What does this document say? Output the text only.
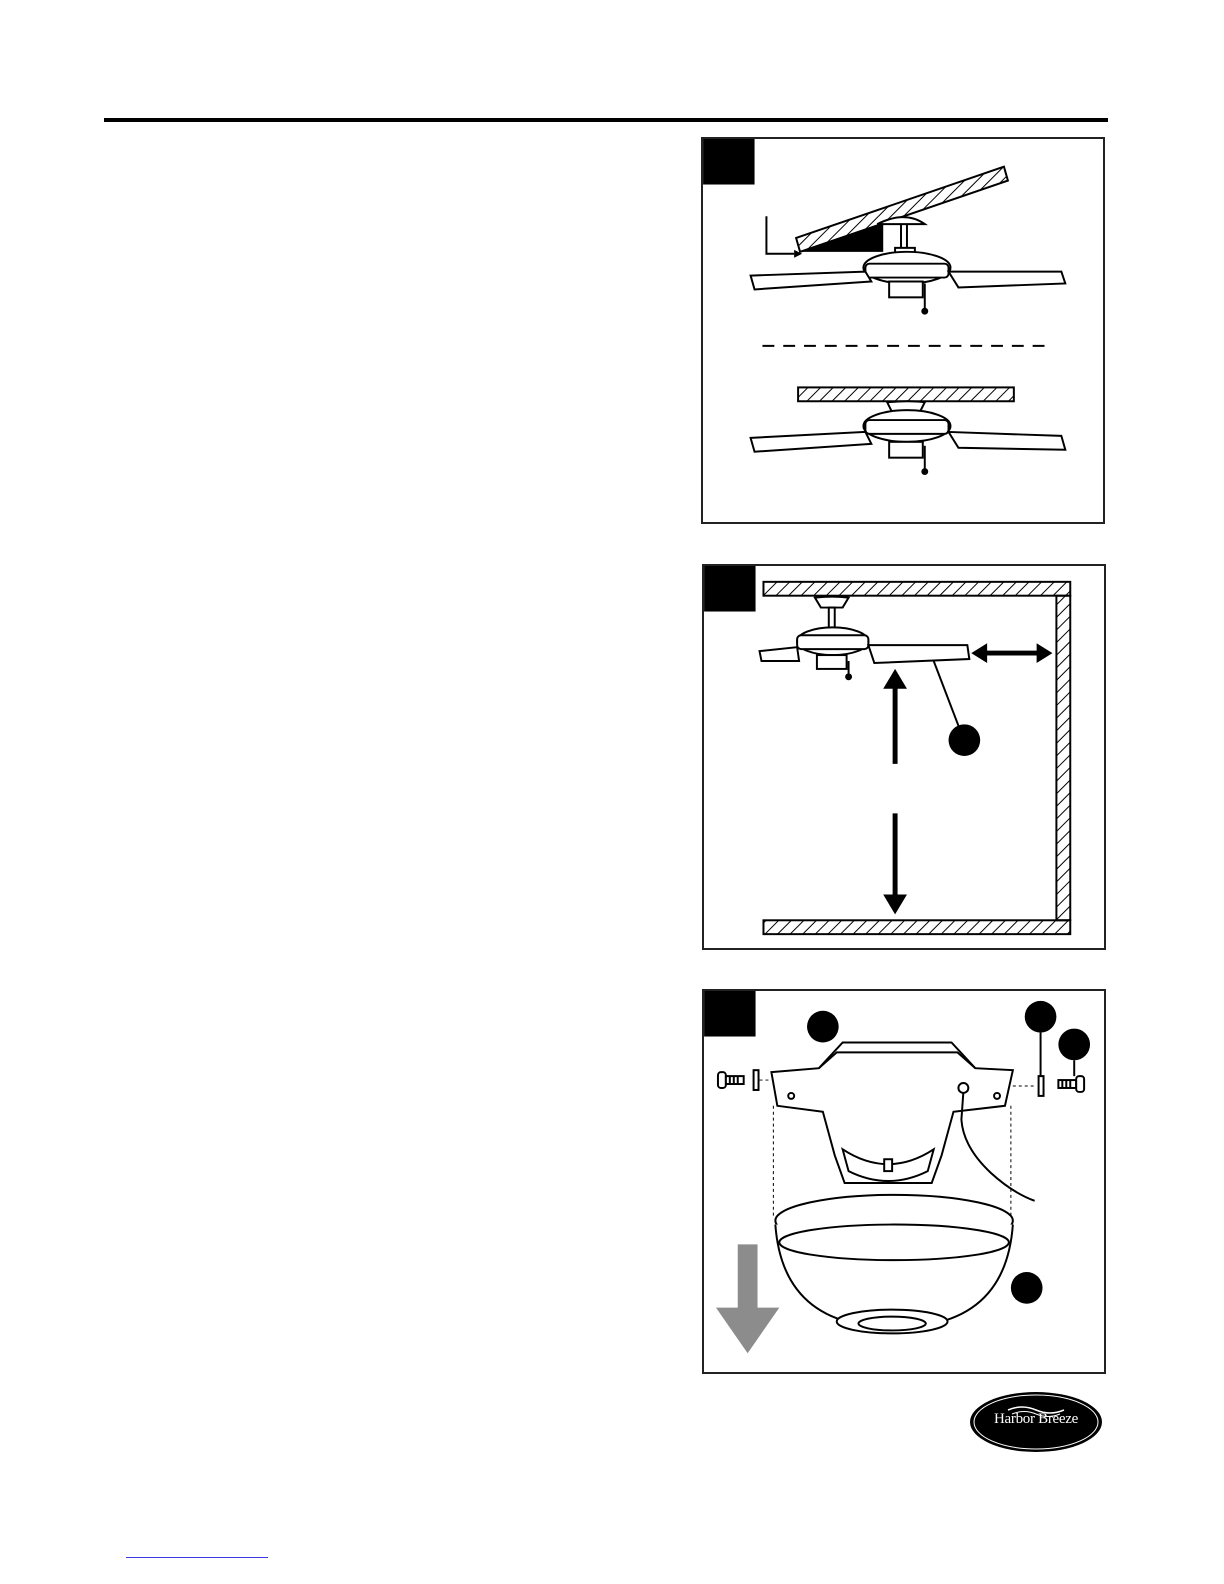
Harbor Breeze
